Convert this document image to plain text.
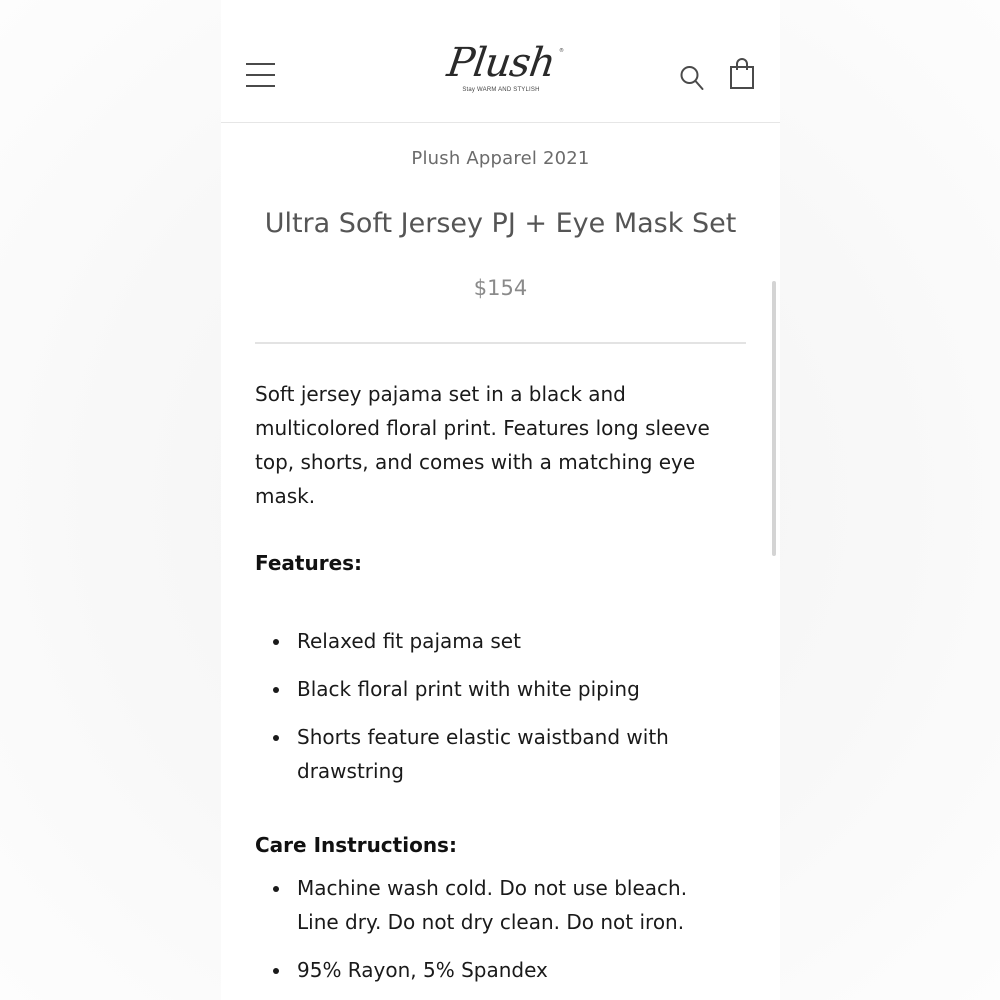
Plush ®
Stay WARM AND STYLISH
Plush Apparel 2021
Ultra Soft Jersey PJ + Eye Mask Set
$154

Soft jersey pajama set in a black and multicolored floral print. Features long sleeve top, shorts, and comes with a matching eye mask.

Features:

Relaxed fit pajama set
Black floral print with white piping
Shorts feature elastic waistband with drawstring

Care Instructions:

Machine wash cold. Do not use bleach. Line dry. Do not dry clean. Do not iron.
95% Rayon, 5% Spandex
